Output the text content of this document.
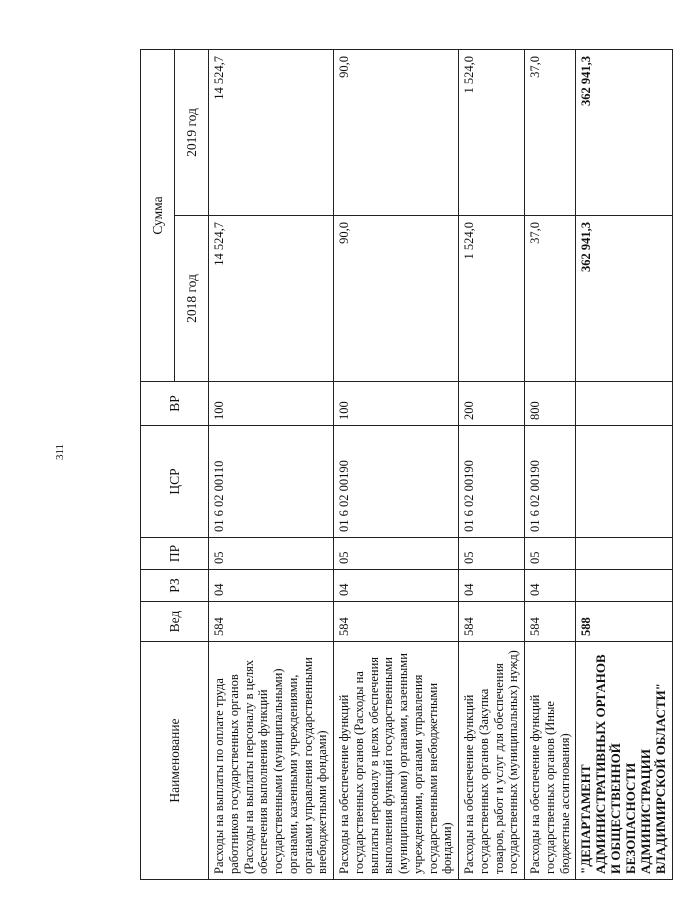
311
Наименование	Вед	РЗ	ПР	ЦСР	ВР	Сумма	
						2018 год	2019 год
Расходы на выплаты по оплате труда работников государственных органов (Расходы на выплаты персоналу в целях обеспечения выполнения функций государственными (муниципальными) органами, казенными учреждениями, органами управления государственными внебюджетными фондами)	584	04	05	01 6 02 00110	100	14 524,7	14 524,7
Расходы на обеспечение функций государственных органов (Расходы на выплаты персоналу в целях обеспечения выполнения функций государственными (муниципальными) органами, казенными учреждениями, органами управления государственными внебюджетными фондами)	584	04	05	01 6 02 00190	100	90,0	90,0
Расходы на обеспечение функций государственных органов (Закупка товаров, работ и услуг для обеспечения государственных (муниципальных) нужд)	584	04	05	01 6 02 00190	200	1 524,0	1 524,0
Расходы на обеспечение функций государственных органов (Иные бюджетные ассигнования)	584	04	05	01 6 02 00190	800	37,0	37,0
"ДЕПАРТАМЕНТ АДМИНИСТРАТИВНЫХ ОРГАНОВ И ОБЩЕСТВЕННОЙ БЕЗОПАСНОСТИ АДМИНИСТРАЦИИ ВЛАДИМИРСКОЙ ОБЛАСТИ"	588					362 941,3	362 941,3
